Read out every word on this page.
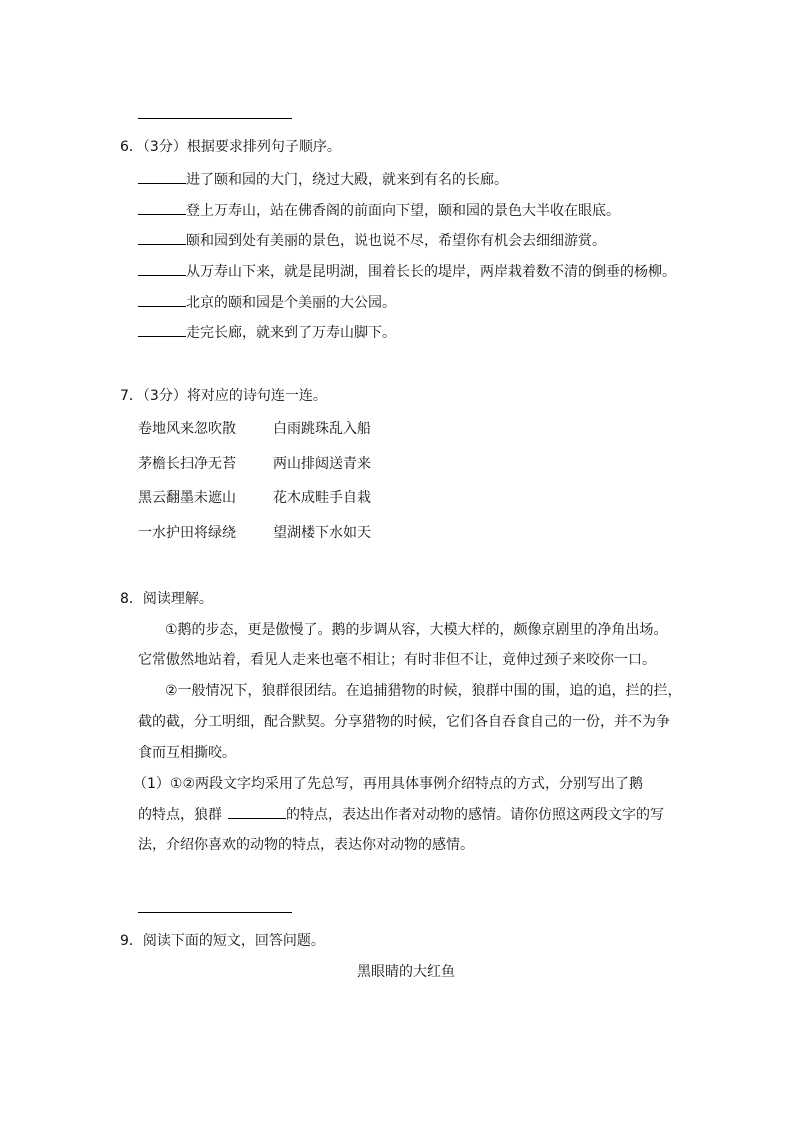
6．（3分）根据要求排列句子顺序。
进了颐和园的大门，绕过大殿，就来到有名的长廊。
登上万寿山，站在佛香阁的前面向下望，颐和园的景色大半收在眼底。
颐和园到处有美丽的景色，说也说不尽，希望你有机会去细细游赏。
从万寿山下来，就是昆明湖，围着长长的堤岸，两岸栽着数不清的倒垂的杨柳。
北京的颐和园是个美丽的大公园。
走完长廊，就来到了万寿山脚下。
7．（3分）将对应的诗句连一连。
卷地风来忽吹散	白雨跳珠乱入船
茅檐长扫净无苔	两山排闼送青来
黑云翻墨未遮山	花木成畦手自栽
一水护田将绿绕	望湖楼下水如天
8．阅读理解。
①鹅的步态，更是傲慢了。鹅的步调从容，大模大样的，颇像京剧里的净角出场。
它常傲然地站着，看见人走来也毫不相让；有时非但不让，竟伸过颈子来咬你一口。
②一般情况下，狼群很团结。在追捕猎物的时候，狼群中围的围，追的追，拦的拦，
截的截，分工明细，配合默契。分享猎物的时候，它们各自吞食自己的一份，并不为争
食而互相撕咬。
（1）①②两段文字均采用了先总写，再用具体事例介绍特点的方式，分别写出了鹅
的特点，狼群	的特点，表达出作者对动物的感情。请你仿照这两段文字的写
法，介绍你喜欢的动物的特点，表达你对动物的感情。
9．阅读下面的短文，回答问题。
黑眼睛的大红鱼
